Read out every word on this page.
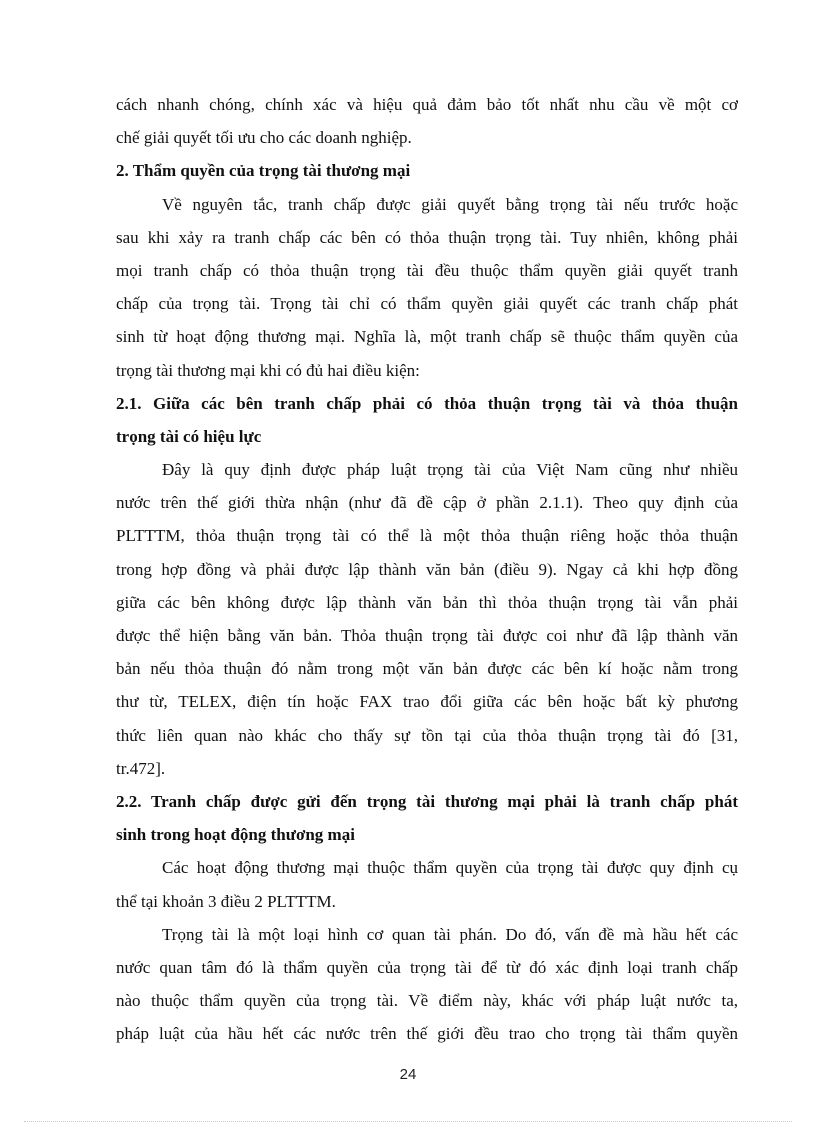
cách nhanh chóng, chính xác và hiệu quả đảm bảo tốt nhất nhu cầu về một cơ
chế giải quyết tối ưu cho các doanh nghiệp.
2. Thẩm quyền của trọng tài thương mại
Về nguyên tắc, tranh chấp được giải quyết bằng trọng tài nếu trước hoặc
sau khi xảy ra tranh chấp các bên có thỏa thuận trọng tài. Tuy nhiên, không phải
mọi tranh chấp có thỏa thuận trọng tài đều thuộc thẩm quyền giải quyết tranh
chấp của trọng tài. Trọng tài chỉ có thẩm quyền giải quyết các tranh chấp phát
sinh từ hoạt động thương mại. Nghĩa là, một tranh chấp sẽ thuộc thẩm quyền của
trọng tài thương mại khi có đủ hai điều kiện:
2.1. Giữa các bên tranh chấp phải có thỏa thuận trọng tài và thỏa thuận
trọng tài có hiệu lực
Đây là quy định được pháp luật trọng tài của Việt Nam cũng như nhiều
nước trên thế giới thừa nhận (như đã đề cập ở phần 2.1.1). Theo quy định của
PLTTTM, thỏa thuận trọng tài có thể là một thỏa thuận riêng hoặc thỏa thuận
trong hợp đồng và phải được lập thành văn bản (điều 9). Ngay cả khi hợp đồng
giữa các bên không được lập thành văn bản thì thỏa thuận trọng tài vẫn phải
được thể hiện bằng văn bản. Thỏa thuận trọng tài được coi như đã lập thành văn
bản nếu thỏa thuận đó nằm trong một văn bản được các bên kí hoặc nằm trong
thư từ, TELEX, điện tín hoặc FAX trao đổi giữa các bên hoặc bất kỳ phương
thức liên quan nào khác cho thấy sự tồn tại của thỏa thuận trọng tài đó [31,
tr.472].
2.2. Tranh chấp được gửi đến trọng tài thương mại phải là tranh chấp phát
sinh trong hoạt động thương mại
Các hoạt động thương mại thuộc thẩm quyền của trọng tài được quy định cụ
thể tại khoản 3 điều 2 PLTTTM.
Trọng tài là một loại hình cơ quan tài phán. Do đó, vấn đề mà hầu hết các
nước quan tâm đó là thẩm quyền của trọng tài để từ đó xác định loại tranh chấp
nào thuộc thẩm quyền của trọng tài. Về điểm này, khác với pháp luật nước ta,
pháp luật của hầu hết các nước trên thế giới đều trao cho trọng tài thẩm quyền
24
